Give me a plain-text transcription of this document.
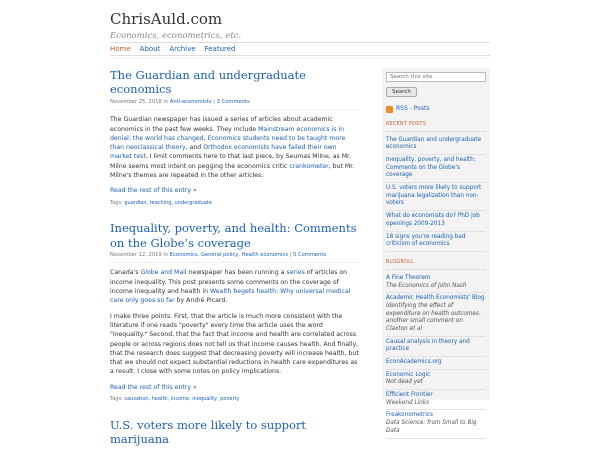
ChrisAuld.com
Economics, econometrics, etc.
Home	About	Archive	Featured
The Guardian and undergraduate economics
November 25, 2018 in Anti-economists | 3 Comments

The Guardian newspaper has issued a series of articles about academic economics in the past few weeks. They include Mainstream economics is in denial: the world has changed, Economics students need to be taught more than neoclassical theory, and Orthodox economists have failed their own market test. I limit comments here to that last piece, by Seumas Milne, as Mr. Milne seems most intent on pegging the economics critic crankometer, but Mr. Milne's themes are repeated in the other articles.

Read the rest of this entry »
Tags: guardian, teaching, undergraduate
Inequality, poverty, and health: Comments on the Globe’s coverage
November 12, 2019 in Economics, General policy, Health economics | 5 Comments

Canada's Globe and Mail newspaper has been running a series of articles on income inequality. This post presents some comments on the coverage of income inequality and health in Wealth begets health: Why universal medical care only goes so far by André Picard.

I make three points. First, that the article is much more consistent with the literature if one reads "poverty" every time the article uses the word "inequality." Second, that the fact that income and health are correlated across people or across regions does not tell us that income causes health. And finally, that the research does suggest that decreasing poverty will increase health, but that we should not expect substantial reductions in health care expenditures as a result. I close with some notes on policy implications.

Read the rest of this entry »
Tags: causation, health, income, inequality, poverty
U.S. voters more likely to support marijuana
Search this site Search
RSS - Posts
RECENT POSTS
The Guardian and undergraduate economics
Inequality, poverty, and health: Comments on the Globe’s coverage
U.S. voters more likely to support marijuana legalization than non-voters
What do economists do? PhD job openings 2009-2013
18 signs you’re reading bad criticism of economics
BLOGROLL
A Fine Theorem
The Economics of John Nash
Academic Health Economists' Blog
Identifying the effect of expenditure on health outcomes: another small comment on Claxton et al
Causal analysis in theory and practice
EconAcademics.org
Economic Logic
Not dead yet
Efficient Frontier
Weekend Links
Freakonometrics
Data Science: from Small to Big Data
